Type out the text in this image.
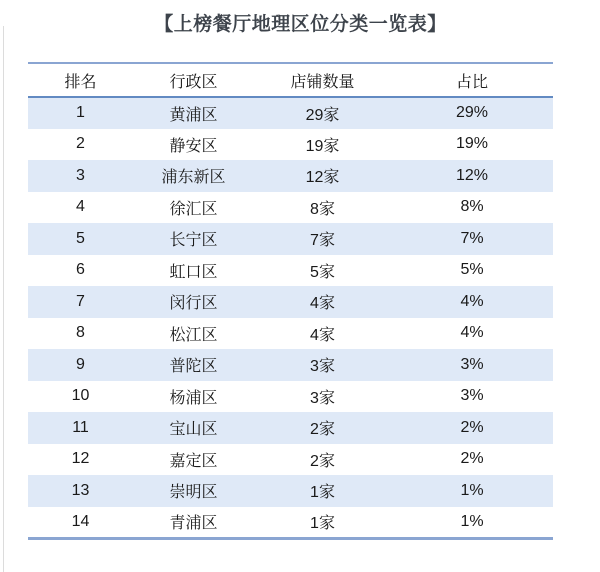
【上榜餐厅地理区位分类一览表】
排名	行政区	店铺数量	占比
1	黄浦区	29家	29%
2	静安区	19家	19%
3	浦东新区	12家	12%
4	徐汇区	8家	8%
5	长宁区	7家	7%
6	虹口区	5家	5%
7	闵行区	4家	4%
8	松江区	4家	4%
9	普陀区	3家	3%
10	杨浦区	3家	3%
11	宝山区	2家	2%
12	嘉定区	2家	2%
13	崇明区	1家	1%
14	青浦区	1家	1%
